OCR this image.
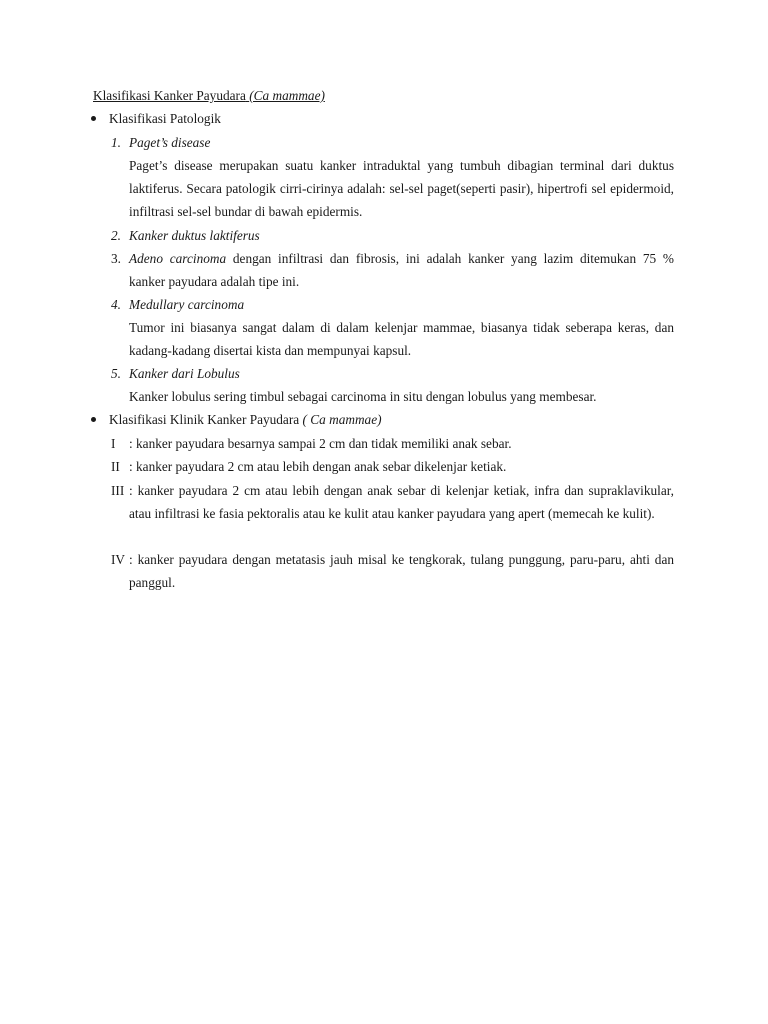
Klasifikasi Kanker Payudara (Ca mammae)
Klasifikasi Patologik
1. Paget’s disease

Paget’s disease merupakan suatu kanker intraduktal yang tumbuh dibagian terminal dari duktus laktiferus. Secara patologik cirri-cirinya adalah: sel-sel paget(seperti pasir), hipertrofi sel epidermoid, infiltrasi sel-sel bundar di bawah epidermis.

2. Kanker duktus laktiferus
3. Adeno carcinoma dengan infiltrasi dan fibrosis, ini adalah kanker yang lazim ditemukan 75 %

kanker payudara adalah tipe ini.

4. Medullary carcinoma

Tumor ini biasanya sangat dalam di dalam kelenjar mammae, biasanya tidak seberapa keras, dan kadang-kadang disertai kista dan mempunyai kapsul.

5. Kanker dari Lobulus

Kanker lobulus sering timbul sebagai carcinoma in situ dengan lobulus yang membesar.

Klasifikasi Klinik Kanker Payudara ( Ca mammae)
I : kanker payudara besarnya sampai 2 cm dan tidak memiliki anak sebar.
II : kanker payudara 2 cm atau lebih dengan anak sebar dikelenjar ketiak.
III : kanker payudara 2 cm atau lebih dengan anak sebar di kelenjar ketiak, infra dan supraklavikular, atau infiltrasi ke fasia pektoralis atau ke kulit atau kanker payudara yang apert (memecah ke kulit).
IV : kanker payudara dengan metatasis jauh misal ke tengkorak, tulang punggung, paru-paru, ahti dan panggul.
